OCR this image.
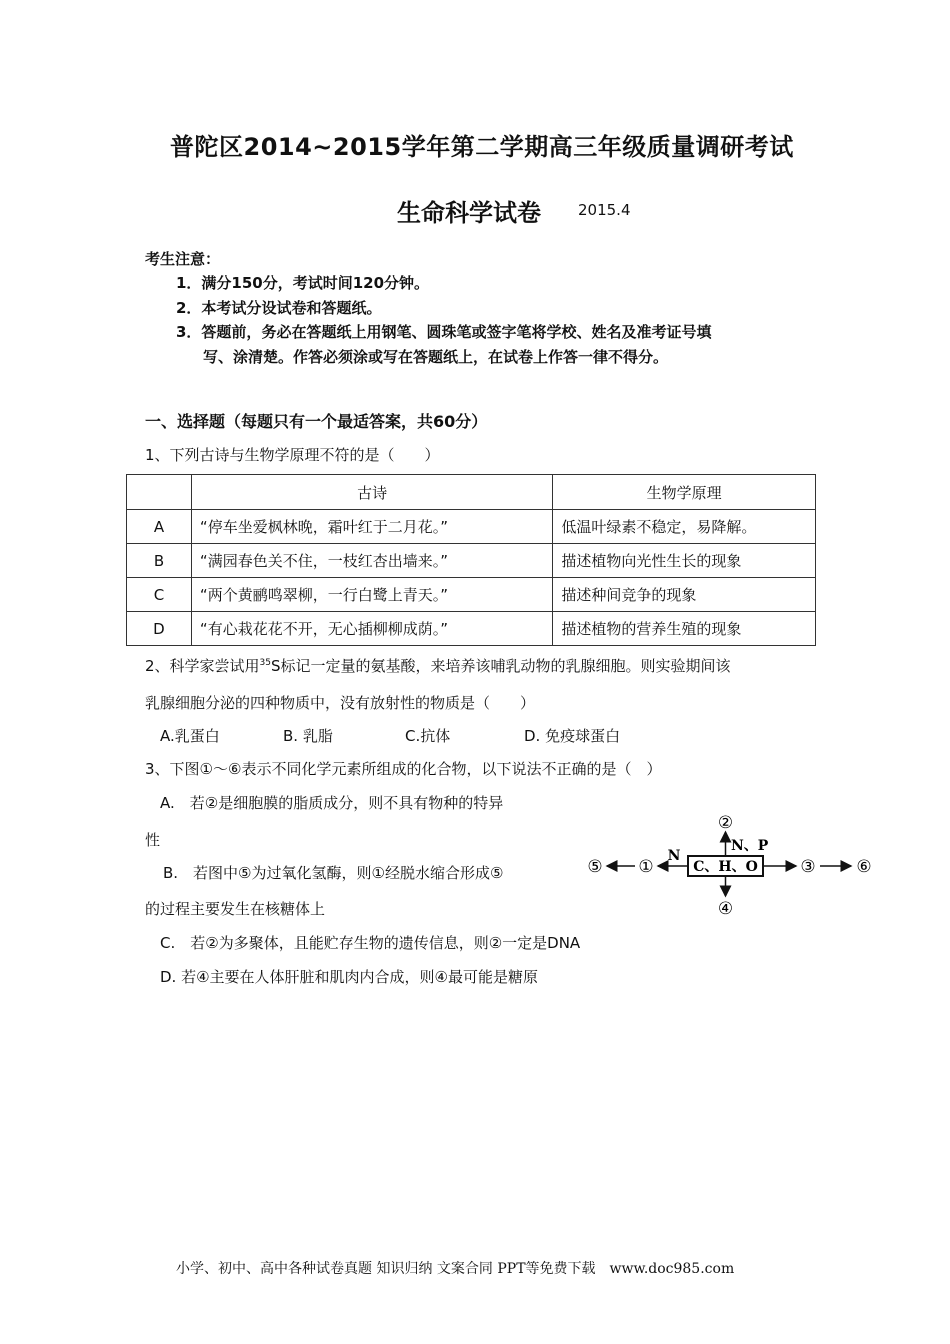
普陀区2014~2015学年第二学期高三年级质量调研考试
生命科学试卷 2015.4
考生注意：
1．满分150分，考试时间120分钟。
2．本考试分设试卷和答题纸。
3．答题前，务必在答题纸上用钢笔、圆珠笔或签字笔将学校、姓名及准考证号填
写、涂清楚。作答必须涂或写在答题纸上，在试卷上作答一律不得分。
一、选择题（每题只有一个最适答案，共60分）
1、下列古诗与生物学原理不符的是（　　）
	古诗	生物学原理
A	“停车坐爱枫林晚，霜叶红于二月花。”	低温叶绿素不稳定，易降解。
B	“满园春色关不住，一枝红杏出墙来。”	描述植物向光性生长的现象
C	“两个黄鹂鸣翠柳，一行白鹭上青天。”	描述种间竞争的现象
D	“有心栽花花不开，无心插柳柳成荫。”	描述植物的营养生殖的现象
2、科学家尝试用$^{35}$S标记一定量的氨基酸，来培养该哺乳动物的乳腺细胞。则实验期间该
乳腺细胞分泌的四种物质中，没有放射性的物质是（　　）
A.乳蛋白	B. 乳脂	C.抗体	D. 免疫球蛋白
3、下图①～⑥表示不同化学元素所组成的化合物，以下说法不正确的是（　）
A.　若②是细胞膜的脂质成分，则不具有物种的特异
性
B.　若图中⑤为过氧化氢酶，则①经脱水缩合形成⑤
的过程主要发生在核糖体上
C.　若②为多聚体，且能贮存生物的遗传信息，则②一定是DNA
D. 若④主要在人体肝脏和肌肉内合成，则④最可能是糖原
C、H、O
②
N、P
④
N
①
⑤	③ ⑥
小学、初中、高中各种试卷真题 知识归纳 文案合同 PPT等免费下载　www.doc985.com
